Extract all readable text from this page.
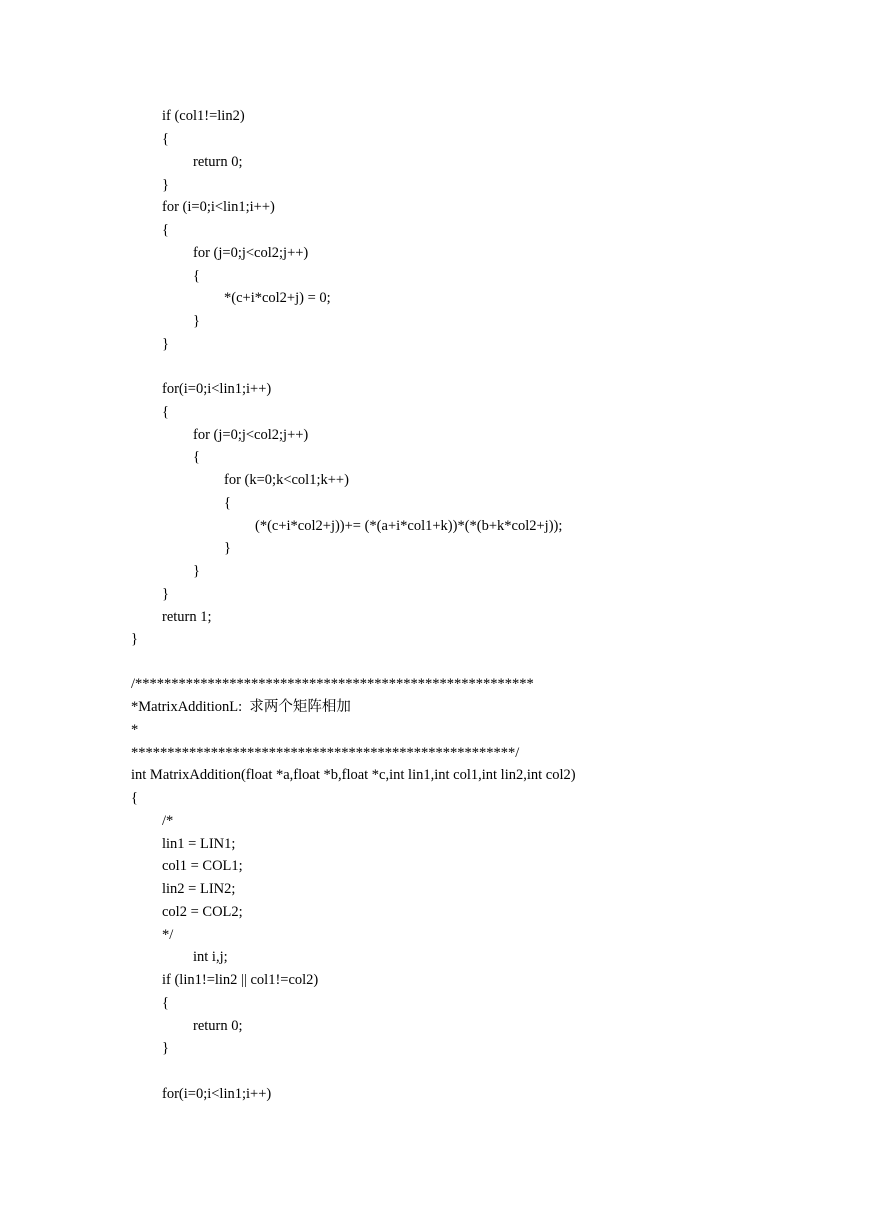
if (col1!=lin2)
{
return 0;
}
for (i=0;i<lin1;i++)
{
for (j=0;j<col2;j++)
{
*(c+i*col2+j) = 0;
}
}
for(i=0;i<lin1;i++)
{
for (j=0;j<col2;j++)
{
for (k=0;k<col1;k++)
{
(*(c+i*col2+j))+= (*(a+i*col1+k))*(*(b+k*col2+j));
}
}
}
return 1;
}
/*******************************************************
*MatrixAdditionL:  求两个矩阵相加
*
*****************************************************/
int MatrixAddition(float *a,float *b,float *c,int lin1,int col1,int lin2,int col2)
{
/*
lin1 = LIN1;
col1 = COL1;
lin2 = LIN2;
col2 = COL2;
*/
int i,j;
if (lin1!=lin2 || col1!=col2)
{
return 0;
}
for(i=0;i<lin1;i++)
